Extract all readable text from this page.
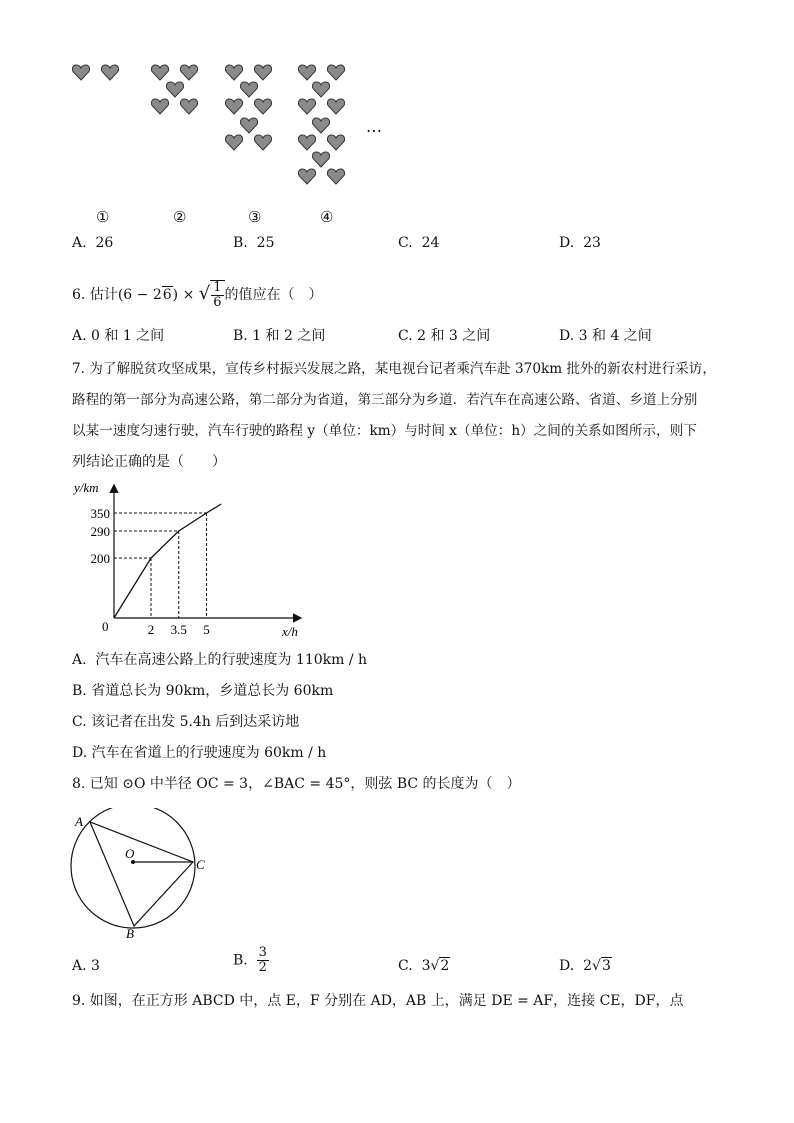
…
①	②	③	④
A. 26	B. 25	C. 24	D. 23
6. 估计(6 − 26) × √ $\frac{1}{6}$ 的值应在（　）
A. 0 和 1 之间	B. 1 和 2 之间	C. 2 和 3 之间	D. 3 和 4 之间
7. 为了解脱贫攻坚成果，宣传乡村振兴发展之路，某电视台记者乘汽车赴 370km 批外的新农村进行采访，
路程的第一部分为高速公路，第二部分为省道，第三部分为乡道．若汽车在高速公路、省道、乡道上分别
以某一速度匀速行驶，汽车行驶的路程 y（单位：km）与时间 x（单位：h）之间的关系如图所示，则下
列结论正确的是（　　）
y/km
x/h
0	2
200
3.5
290
5
350
A. 汽车在高速公路上的行驶速度为 110km / h
B. 省道总长为 90km，乡道总长为 60km
C. 该记者在出发 5.4h 后到达采访地
D. 汽车在省道上的行驶速度为 60km / h
8. 已知 ⊙O 中半径 OC = 3，∠BAC = 45°，则弦 BC 的长度为（　）
A
O
C
B
A. 3	B. $\frac{3}{2}$	C. 3√2	D. 2√3
9. 如图，在正方形 ABCD 中，点 E，F 分别在 AD，AB 上，满足 DE = AF，连接 CE，DF，点
